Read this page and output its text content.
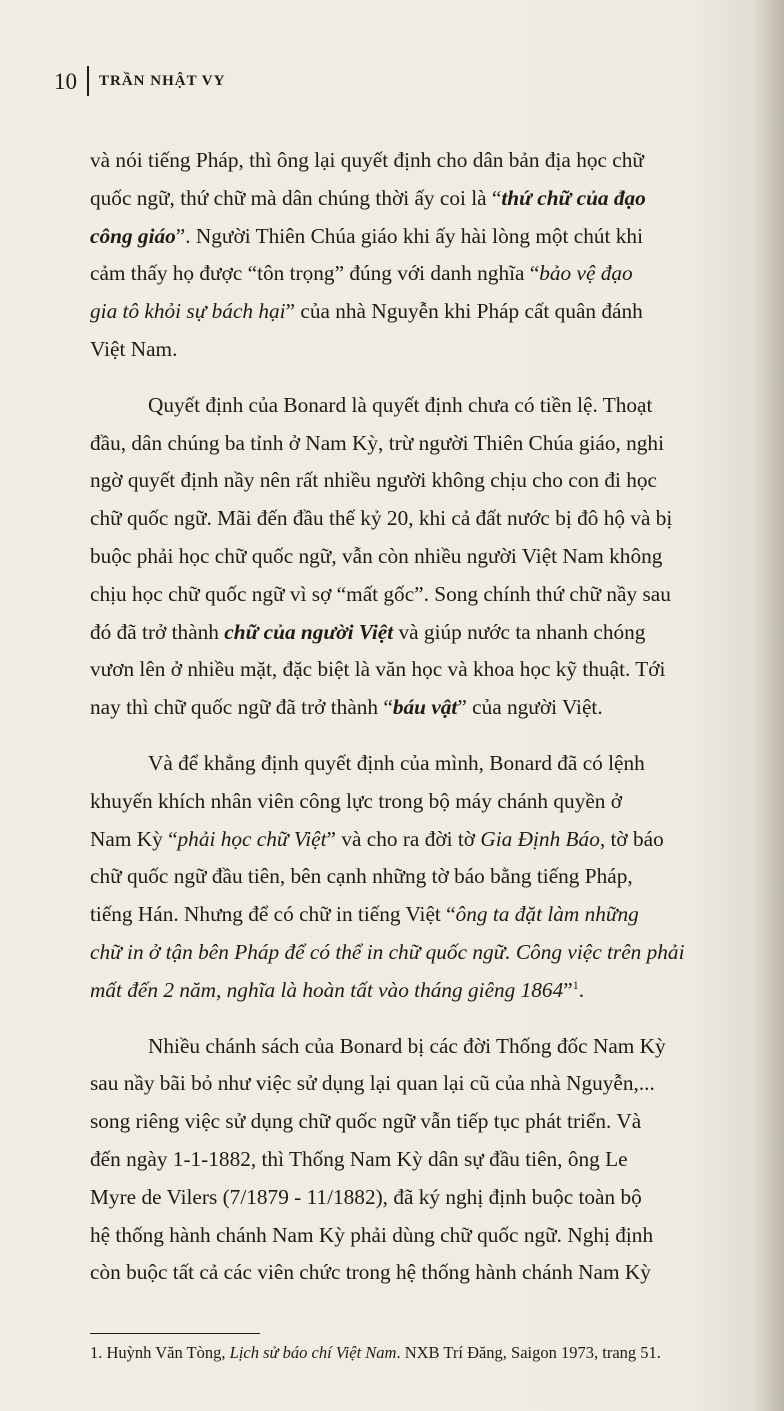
10 TRẦN NHẬT VY

và nói tiếng Pháp, thì ông lại quyết định cho dân bản địa học chữ
quốc ngữ, thứ chữ mà dân chúng thời ấy coi là “thứ chữ của đạo
công giáo”. Người Thiên Chúa giáo khi ấy hài lòng một chút khi
cảm thấy họ được “tôn trọng” đúng với danh nghĩa “bảo vệ đạo
gia tô khỏi sự bách hại” của nhà Nguyễn khi Pháp cất quân đánh
Việt Nam.

Quyết định của Bonard là quyết định chưa có tiền lệ. Thoạt
đầu, dân chúng ba tỉnh ở Nam Kỳ, trừ người Thiên Chúa giáo, nghi
ngờ quyết định nầy nên rất nhiều người không chịu cho con đi học
chữ quốc ngữ. Mãi đến đầu thế kỷ 20, khi cả đất nước bị đô hộ và bị
buộc phải học chữ quốc ngữ, vẫn còn nhiều người Việt Nam không
chịu học chữ quốc ngữ vì sợ “mất gốc”. Song chính thứ chữ nầy sau
đó đã trở thành chữ của người Việt và giúp nước ta nhanh chóng
vươn lên ở nhiều mặt, đặc biệt là văn học và khoa học kỹ thuật. Tới
nay thì chữ quốc ngữ đã trở thành “báu vật” của người Việt.

Và để khẳng định quyết định của mình, Bonard đã có lệnh
khuyến khích nhân viên công lực trong bộ máy chánh quyền ở
Nam Kỳ “phải học chữ Việt” và cho ra đời tờ Gia Định Báo, tờ báo
chữ quốc ngữ đầu tiên, bên cạnh những tờ báo bằng tiếng Pháp,
tiếng Hán. Nhưng để có chữ in tiếng Việt “ông ta đặt làm những
chữ in ở tận bên Pháp để có thể in chữ quốc ngữ. Công việc trên phải
mất đến 2 năm, nghĩa là hoàn tất vào tháng giêng 1864”$^1$.

Nhiều chánh sách của Bonard bị các đời Thống đốc Nam Kỳ
sau nầy bãi bỏ như việc sử dụng lại quan lại cũ của nhà Nguyễn,...
song riêng việc sử dụng chữ quốc ngữ vẫn tiếp tục phát triển. Và
đến ngày 1-1-1882, thì Thống Nam Kỳ dân sự đầu tiên, ông Le
Myre de Vilers (7/1879 - 11/1882), đã ký nghị định buộc toàn bộ
hệ thống hành chánh Nam Kỳ phải dùng chữ quốc ngữ. Nghị định
còn buộc tất cả các viên chức trong hệ thống hành chánh Nam Kỳ

1. Huỳnh Văn Tòng, Lịch sử báo chí Việt Nam. NXB Trí Đăng, Saigon 1973, trang 51.
